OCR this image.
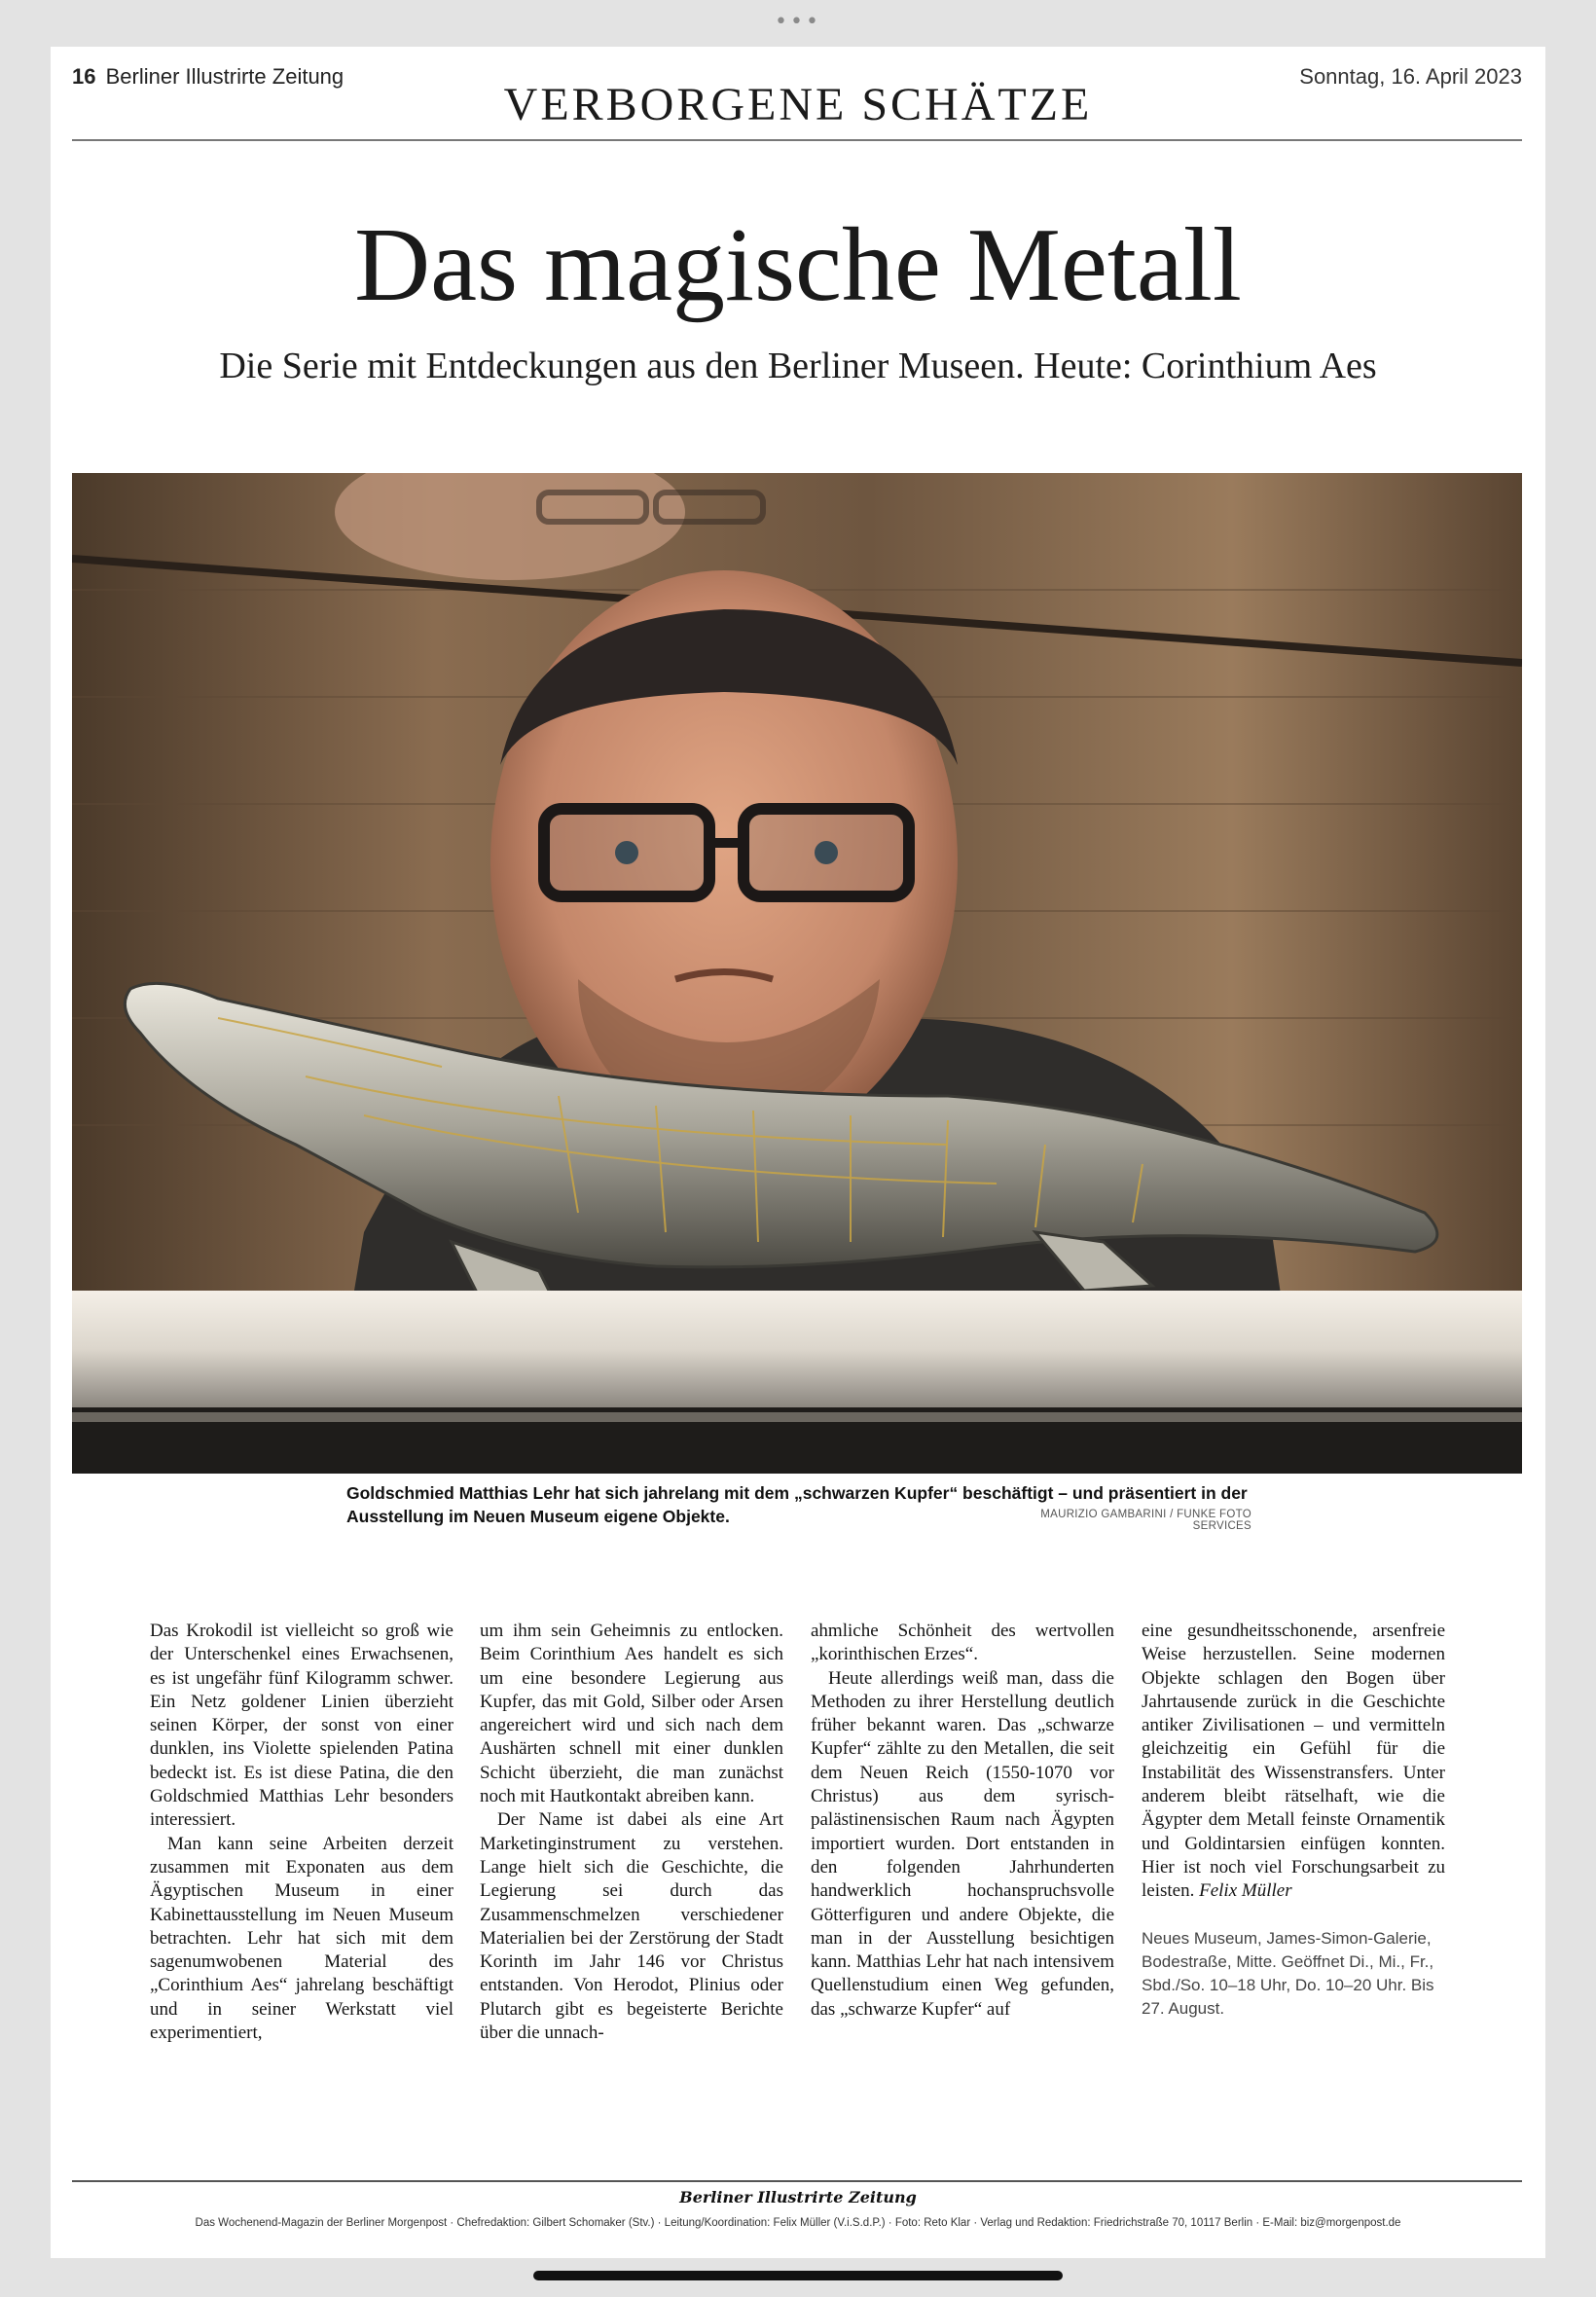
•••
16 Berliner Illustrirte Zeitung
VERBORGENE SCHÄTZE
Sonntag, 16. April 2023
Das magische Metall
Die Serie mit Entdeckungen aus den Berliner Museen. Heute: Corinthium Aes
Goldschmied Matthias Lehr hat sich jahrelang mit dem „schwarzen Kupfer“ beschäftigt – und präsentiert in der Ausstellung im Neuen Museum eigene Objekte.	MAURIZIO GAMBARINI / FUNKE FOTO SERVICES

Das Krokodil ist vielleicht so groß wie der Unterschenkel eines Erwachsenen, es ist ungefähr fünf Kilogramm schwer. Ein Netz goldener Linien überzieht seinen Körper, der sonst von einer dunklen, ins Violette spielenden Patina bedeckt ist. Es ist diese Patina, die den Goldschmied Matthias Lehr besonders interessiert.

Man kann seine Arbeiten derzeit zusammen mit Exponaten aus dem Ägyptischen Museum in einer Kabinettausstellung im Neuen Museum betrachten. Lehr hat sich mit dem sagenumwobenen Material des „Corinthium Aes“ jahrelang beschäftigt und in seiner Werkstatt viel experimentiert,

um ihm sein Geheimnis zu entlocken. Beim Corinthium Aes handelt es sich um eine besondere Legierung aus Kupfer, das mit Gold, Silber oder Arsen angereichert wird und sich nach dem Aushärten schnell mit einer dunklen Schicht überzieht, die man zunächst noch mit Hautkontakt abreiben kann.

Der Name ist dabei als eine Art Marketinginstrument zu verstehen. Lange hielt sich die Geschichte, die Legierung sei durch das Zusammenschmelzen verschiedener Materialien bei der Zerstörung der Stadt Korinth im Jahr 146 vor Christus entstanden. Von Herodot, Plinius oder Plutarch gibt es begeisterte Berichte über die unnach-

ahmliche Schönheit des wertvollen „korinthischen Erzes“.

Heute allerdings weiß man, dass die Methoden zu ihrer Herstellung deutlich früher bekannt waren. Das „schwarze Kupfer“ zählte zu den Metallen, die seit dem Neuen Reich (1550-1070 vor Christus) aus dem syrisch-palästinensischen Raum nach Ägypten importiert wurden. Dort entstanden in den folgenden Jahrhunderten handwerklich hochanspruchsvolle Götterfiguren und andere Objekte, die man in der Ausstellung besichtigen kann. Matthias Lehr hat nach intensivem Quellenstudium einen Weg gefunden, das „schwarze Kupfer“ auf

eine gesundheitsschonende, arsenfreie Weise herzustellen. Seine modernen Objekte schlagen den Bogen über Jahrtausende zurück in die Geschichte antiker Zivilisationen – und vermitteln gleichzeitig ein Gefühl für die Instabilität des Wissenstransfers. Unter anderem bleibt rätselhaft, wie die Ägypter dem Metall feinste Ornamentik und Goldintarsien einfügen konnten. Hier ist noch viel Forschungsarbeit zu leisten. Felix Müller

Neues Museum, James-Simon-Galerie, Bodestraße, Mitte. Geöffnet Di., Mi., Fr., Sbd./So. 10–18 Uhr, Do. 10–20 Uhr. Bis 27. August.

Berliner Illustrirte Zeitung
Das Wochenend-Magazin der Berliner Morgenpost · Chefredaktion: Gilbert Schomaker (Stv.) · Leitung/Koordination: Felix Müller (V.i.S.d.P.) · Foto: Reto Klar · Verlag und Redaktion: Friedrichstraße 70, 10117 Berlin · E-Mail: biz@morgenpost.de
